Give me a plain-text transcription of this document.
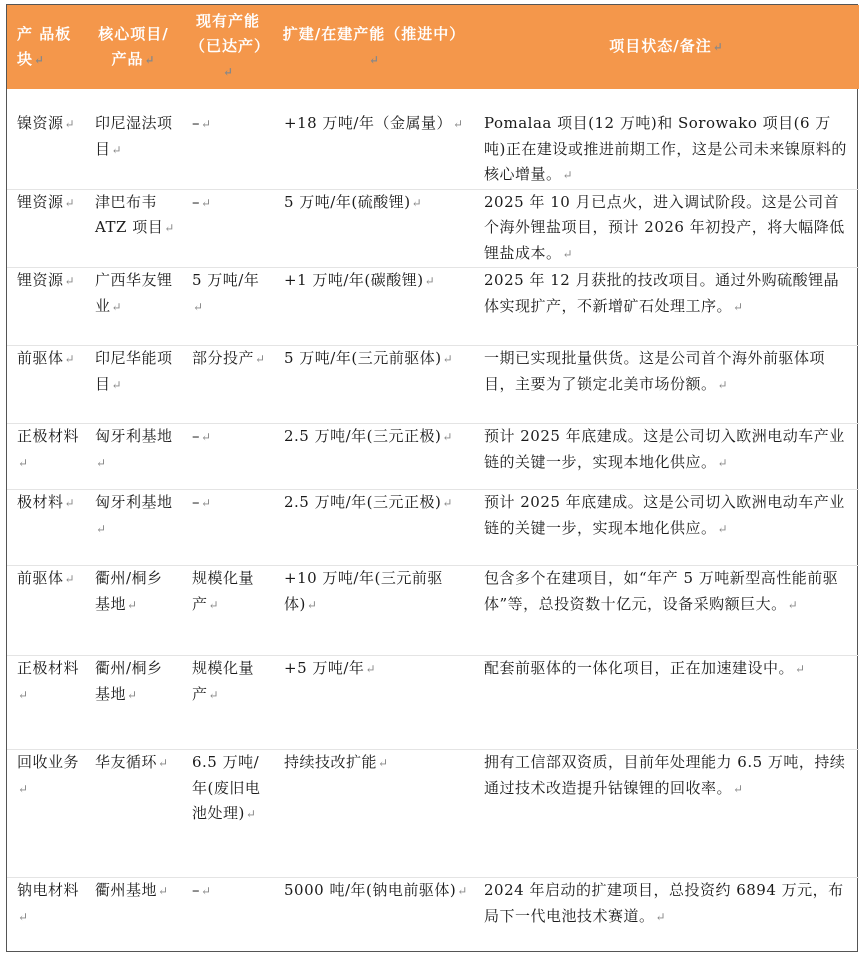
产 品板块↵	核心项目/产品↵	现有产能（已达产）↵	扩建/在建产能（推进中）↵	项目状态/备注↵
镍资源↵	印尼湿法项目↵	–↵	+18 万吨/年（金属量）↵	Pomalaa 项目(12 万吨)和 Sorowako 项目(6 万吨)正在建设或推进前期工作，这是公司未来镍原料的核心增量。↵
锂资源↵	津巴布韦 ATZ 项目↵	–↵	5 万吨/年(硫酸锂)↵	2025 年 10 月已点火，进入调试阶段。这是公司首个海外锂盐项目，预计 2026 年初投产，将大幅降低锂盐成本。↵
锂资源↵	广西华友锂业↵	5 万吨/年↵	+1 万吨/年(碳酸锂)↵	2025 年 12 月获批的技改项目。通过外购硫酸锂晶体实现扩产，不新增矿石处理工序。↵
前驱体↵	印尼华能项目↵	部分投产↵	5 万吨/年(三元前驱体)↵	一期已实现批量供货。这是公司首个海外前驱体项目，主要为了锁定北美市场份额。↵
正极材料↵	匈牙利基地↵	–↵	2.5 万吨/年(三元正极)↵	预计 2025 年底建成。这是公司切入欧洲电动车产业链的关键一步，实现本地化供应。↵
极材料↵	匈牙利基地↵	–↵	2.5 万吨/年(三元正极)↵	预计 2025 年底建成。这是公司切入欧洲电动车产业链的关键一步，实现本地化供应。↵
前驱体↵	衢州/桐乡基地↵	规模化量产↵	+10 万吨/年(三元前驱体)↵	包含多个在建项目，如“年产 5 万吨新型高性能前驱体”等，总投资数十亿元，设备采购额巨大。↵
正极材料↵	衢州/桐乡基地↵	规模化量产↵	+5 万吨/年↵	配套前驱体的一体化项目，正在加速建设中。↵
回收业务↵	华友循环↵	6.5 万吨/年(废旧电池处理)↵	持续技改扩能↵	拥有工信部双资质，目前年处理能力 6.5 万吨，持续通过技术改造提升钴镍锂的回收率。↵
钠电材料↵	衢州基地↵	–↵	5000 吨/年(钠电前驱体)↵	2024 年启动的扩建项目，总投资约 6894 万元，布局下一代电池技术赛道。↵
